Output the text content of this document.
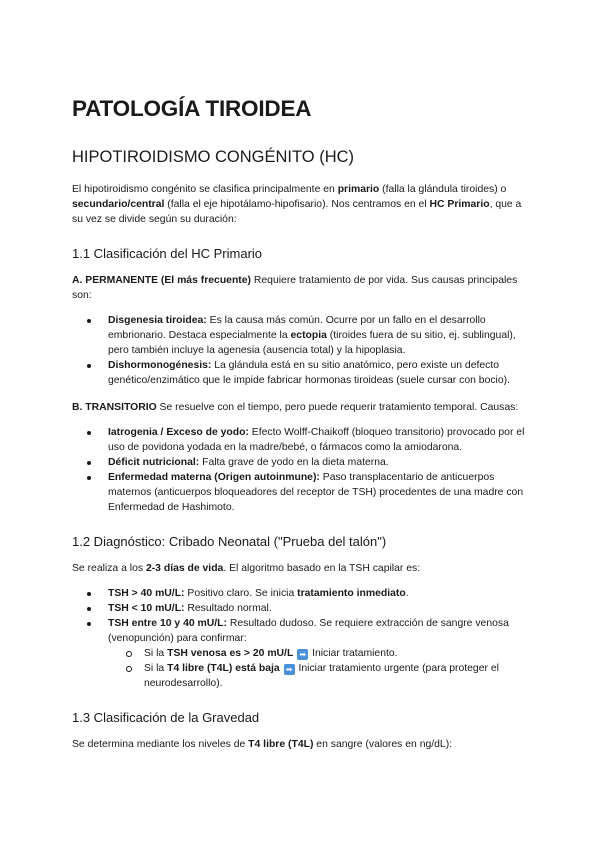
PATOLOGÍA TIROIDEA
HIPOTIROIDISMO CONGÉNITO (HC)

El hipotiroidismo congénito se clasifica principalmente en primario (falla la glándula tiroides) o secundario/central (falla el eje hipotálamo-hipofisario). Nos centramos en el HC Primario, que a su vez se divide según su duración:

1.1 Clasificación del HC Primario

A. PERMANENTE (El más frecuente) Requiere tratamiento de por vida. Sus causas principales son:

Disgenesia tiroidea: Es la causa más común. Ocurre por un fallo en el desarrollo embrionario. Destaca especialmente la ectopia (tiroides fuera de su sitio, ej. sublingual), pero también incluye la agenesia (ausencia total) y la hipoplasia.
Dishormonogénesis: La glándula está en su sitio anatómico, pero existe un defecto genético/enzimático que le impide fabricar hormonas tiroideas (suele cursar con bocio).

B. TRANSITORIO Se resuelve con el tiempo, pero puede requerir tratamiento temporal. Causas:

Iatrogenia / Exceso de yodo: Efecto Wolff-Chaikoff (bloqueo transitorio) provocado por el uso de povidona yodada en la madre/bebé, o fármacos como la amiodarona.
Déficit nutricional: Falta grave de yodo en la dieta materna.
Enfermedad materna (Origen autoinmune): Paso transplacentario de anticuerpos maternos (anticuerpos bloqueadores del receptor de TSH) procedentes de una madre con Enfermedad de Hashimoto.
1.2 Diagnóstico: Cribado Neonatal ("Prueba del talón")

Se realiza a los 2-3 días de vida. El algoritmo basado en la TSH capilar es:

TSH > 40 mU/L: Positivo claro. Se inicia tratamiento inmediato.
TSH < 10 mU/L: Resultado normal.
TSH entre 10 y 40 mU/L: Resultado dudoso. Se requiere extracción de sangre venosa (venopunción) para confirmar:
Si la TSH venosa es > 20 mU/L ➡ Iniciar tratamiento.
Si la T4 libre (T4L) está baja ➡ Iniciar tratamiento urgente (para proteger el neurodesarrollo).
1.3 Clasificación de la Gravedad

Se determina mediante los niveles de T4 libre (T4L) en sangre (valores en ng/dL):
